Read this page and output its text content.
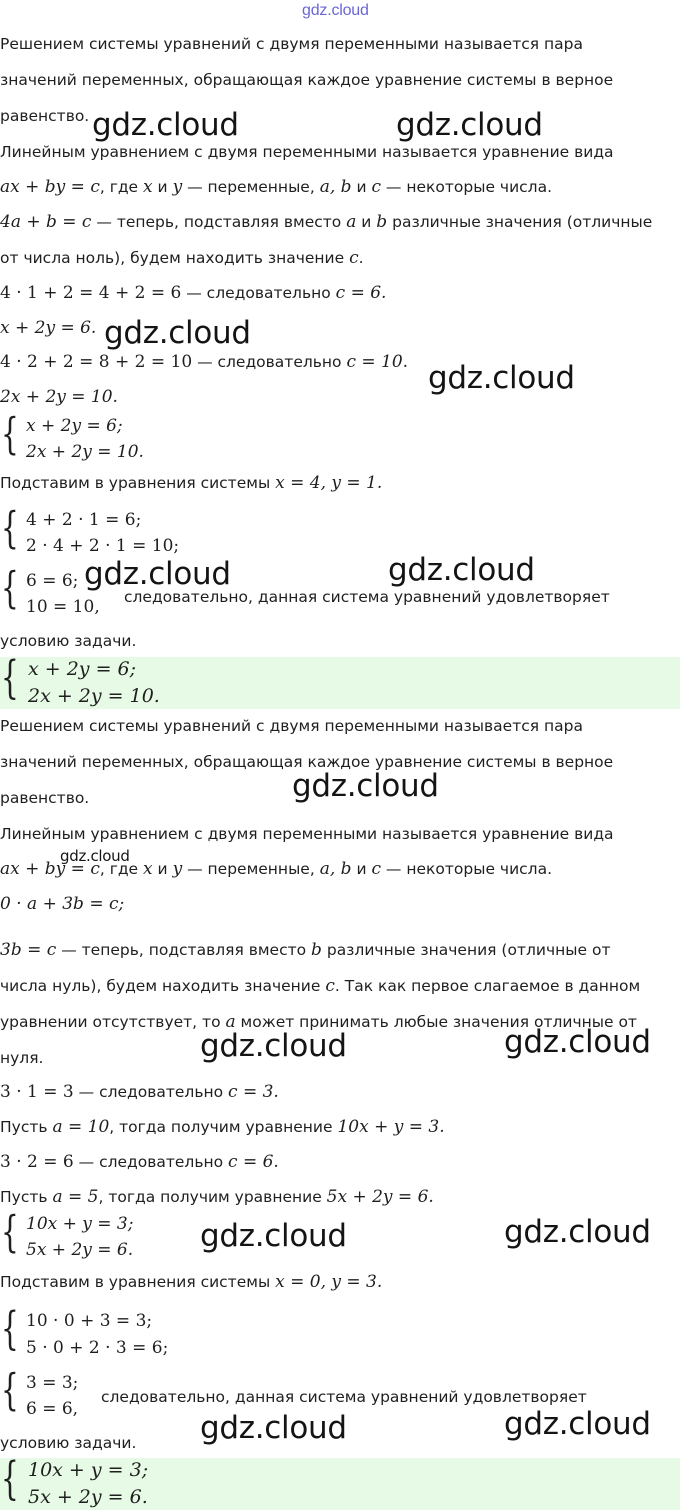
gdz.cloud
Решением системы уравнений с двумя переменными называется пара
значений переменных, обращающая каждое уравнение системы в верное
равенство.
Линейным уравнением с двумя переменными называется уравнение вида
ax + by = c, где x и y — переменные, a, b и c — некоторые числа.
4a + b = c — теперь, подставляя вместо a и b различные значения (отличные
от числа ноль), будем находить значение c.
4 · 1 + 2 = 4 + 2 = 6 — следовательно c = 6.
x + 2y = 6.
4 · 2 + 2 = 8 + 2 = 10 — следовательно c = 10.
2x + 2y = 10.
{ x + 2y = 6;
2x + 2y = 10.
Подставим в уравнения системы x = 4, y = 1.
{ 4 + 2 · 1 = 6;
2 · 4 + 2 · 1 = 10;
{ 6 = 6;
10 = 10, следовательно, данная система уравнений удовлетворяет
условию задачи.
{ x + 2y = 6;
2x + 2y = 10.
Решением системы уравнений с двумя переменными называется пара
значений переменных, обращающая каждое уравнение системы в верное
равенство.
Линейным уравнением с двумя переменными называется уравнение вида
ax + by = c, где x и y — переменные, a, b и c — некоторые числа.
0 · a + 3b = c;
3b = c — теперь, подставляя вместо b различные значения (отличные от
числа нуль), будем находить значение c. Так как первое слагаемое в данном
уравнении отсутствует, то a может принимать любые значения отличные от
нуля.
3 · 1 = 3 — следовательно c = 3.
Пусть a = 10, тогда получим уравнение 10x + y = 3.
3 · 2 = 6 — следовательно c = 6.
Пусть a = 5, тогда получим уравнение 5x + 2y = 6.
{ 10x + y = 3;
5x + 2y = 6.
Подставим в уравнения системы x = 0, y = 3.
{ 10 · 0 + 3 = 3;
5 · 0 + 2 · 3 = 6;
{ 3 = 3;
6 = 6,
следовательно, данная система уравнений удовлетворяет
условию задачи.
{ 10x + y = 3;
5x + 2y = 6.
gdz.cloud	gdz.cloud
gdz.cloud
gdz.cloud
gdz.cloud	gdz.cloud
gdz.cloud
gdz.cloud
gdz.cloud	gdz.cloud
gdz.cloud	gdz.cloud
gdz.cloud	gdz.cloud
